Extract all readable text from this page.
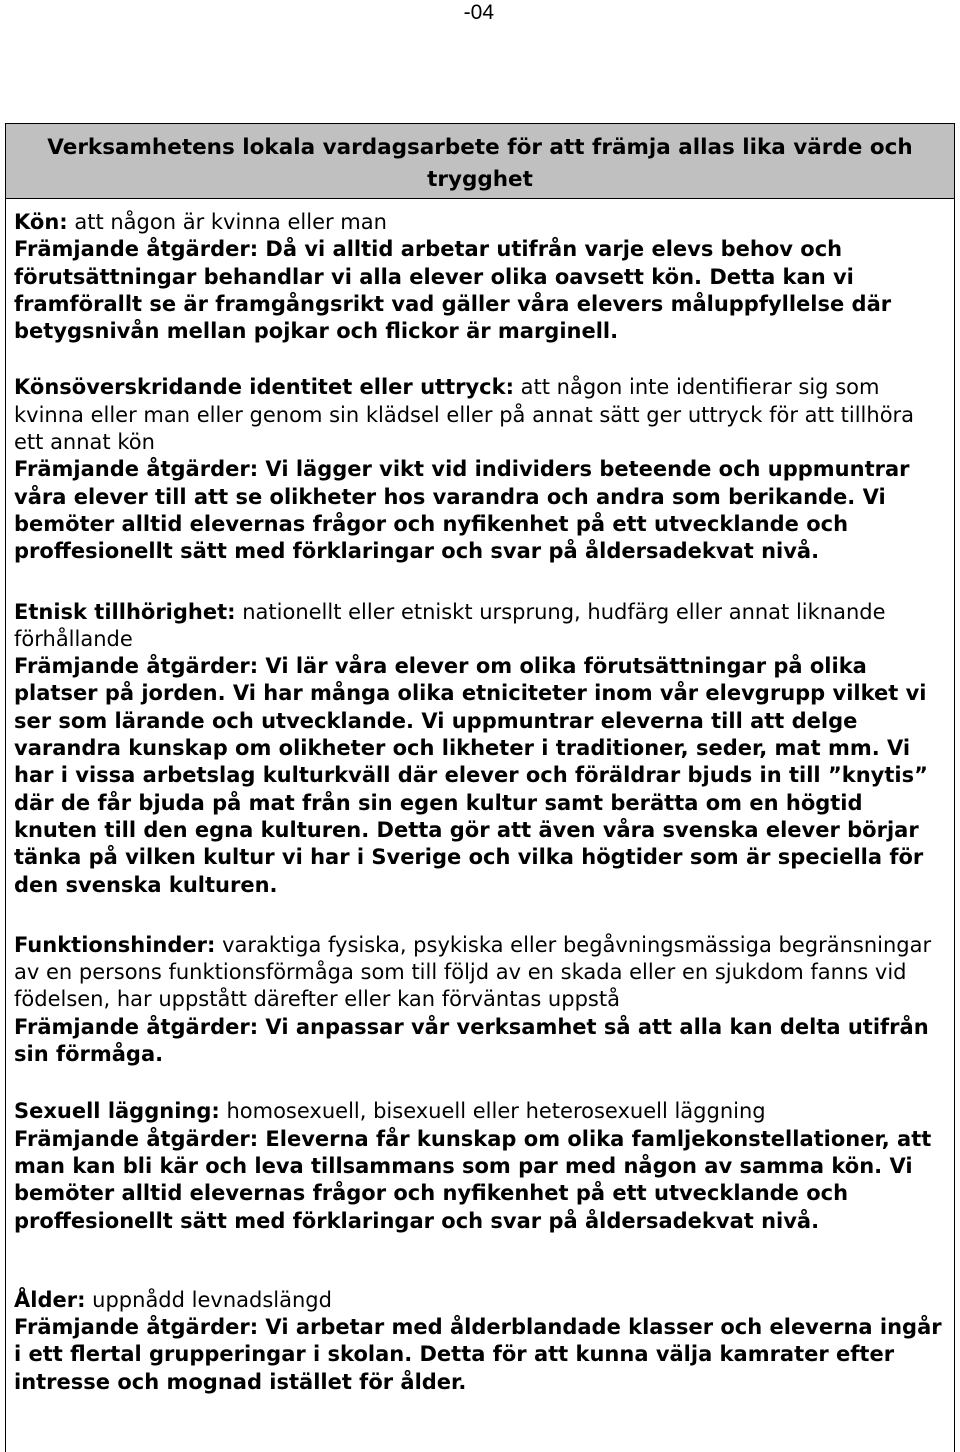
-04
Verksamhetens lokala vardagsarbete för att främja allas lika värde och trygghet

Kön: att någon är kvinna eller man

Främjande åtgärder: Då vi alltid arbetar utifrån varje elevs behov och förutsättningar behandlar vi alla elever olika oavsett kön. Detta kan vi framförallt se är framgångsrikt vad gäller våra elevers måluppfyllelse där betygsnivån mellan pojkar och flickor är marginell.

Könsöverskridande identitet eller uttryck: att någon inte identifierar sig som kvinna eller man eller genom sin klädsel eller på annat sätt ger uttryck för att tillhöra ett annat kön

Främjande åtgärder: Vi lägger vikt vid individers beteende och uppmuntrar våra elever till att se olikheter hos varandra och andra som berikande. Vi bemöter alltid elevernas frågor och nyfikenhet på ett utvecklande och proffesionellt sätt med förklaringar och svar på åldersadekvat nivå.

Etnisk tillhörighet: nationellt eller etniskt ursprung, hudfärg eller annat liknande förhållande

Främjande åtgärder: Vi lär våra elever om olika förutsättningar på olika platser på jorden. Vi har många olika etniciteter inom vår elevgrupp vilket vi ser som lärande och utvecklande. Vi uppmuntrar eleverna till att delge varandra kunskap om olikheter och likheter i traditioner, seder, mat mm. Vi har i vissa arbetslag kulturkväll där elever och föräldrar bjuds in till ”knytis” där de får bjuda på mat från sin egen kultur samt berätta om en högtid knuten till den egna kulturen. Detta gör att även våra svenska elever börjar tänka på vilken kultur vi har i Sverige och vilka högtider som är speciella för den svenska kulturen.

Funktionshinder: varaktiga fysiska, psykiska eller begåvningsmässiga begränsningar av en persons funktionsförmåga som till följd av en skada eller en sjukdom fanns vid födelsen, har uppstått därefter eller kan förväntas uppstå

Främjande åtgärder: Vi anpassar vår verksamhet så att alla kan delta utifrån sin förmåga.

Sexuell läggning: homosexuell, bisexuell eller heterosexuell läggning

Främjande åtgärder: Eleverna får kunskap om olika famljekonstellationer, att man kan bli kär och leva tillsammans som par med någon av samma kön. Vi bemöter alltid elevernas frågor och nyfikenhet på ett utvecklande och proffesionellt sätt med förklaringar och svar på åldersadekvat nivå.

Ålder: uppnådd levnadslängd

Främjande åtgärder: Vi arbetar med ålderblandade klasser och eleverna ingår i ett flertal grupperingar i skolan. Detta för att kunna välja kamrater efter intresse och mognad istället för ålder.
